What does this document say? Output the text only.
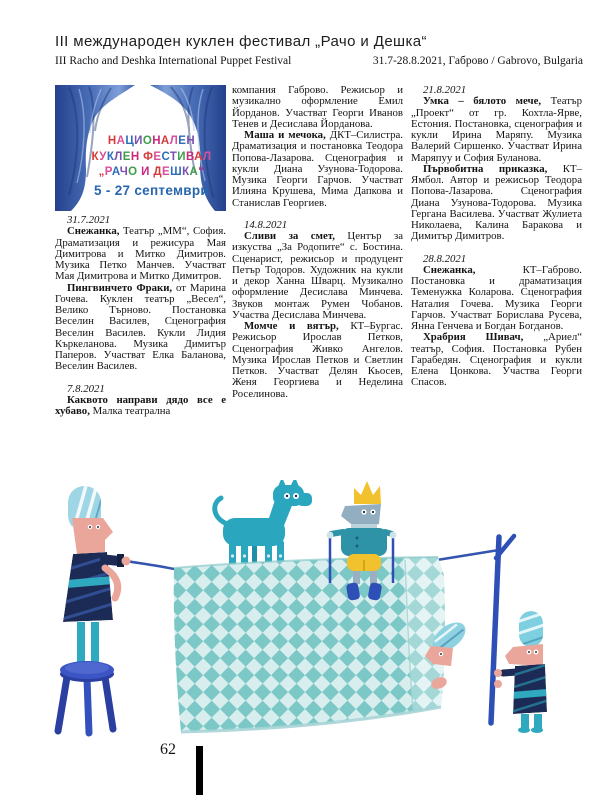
III международен куклен фестивал „Рачо и Дешка“
III Racho and Deshka International Puppet Festival	31.7-28.8.2021, Габрово / Gabrovo, Bulgaria
НАЦИОНАЛЕН
КУКЛЕН ФЕСТИВАЛ
„РАЧО И ДЕШКА“
5 - 27 септември

31.7.2021

Снежанка, Театър „ММ“, София. Драматизация и режисура Мая Димитрова и Митко Димитров. Музика Петко Манчев. Участват Мая Димитрова и Митко Димитров.

Пингвинчето Фраки, от Марина Гочева. Куклен театър „Весел“, Велико Търново. Постановка Веселин Василев, Сценография Веселин Василев. Кукли Лидия Къркеланова. Музика Димитър Паперов. Участват Елка Баланова, Веселин Василев.

7.8.2021

Каквото направи дядо все е хубаво, Малка театрална

компания Габрово. Режисьор и музикално оформление Емил Йорданов. Участват Георги Иванов Тенев и Десислава Йорданова.

Маша и мечока, ДКТ–Силистра. Драматизация и постановка Теодора Попова-Лазарова. Сценография и кукли Диана Узунова-Тодорова. Музика Георги Гарчов. Участват Илияна Крушева, Мима Дапкова и Станислав Георгиев.

14.8.2021

Сливи за смет, Център за изкуства „За Родопите“ с. Бостина. Сценарист, режисьор и продуцент Петър Тодоров. Художник на кукли и декор Ханна Шварц. Музикално оформление Десислава Минчева. Звуков монтаж Румен Чобанов. Участва Десислава Минчева.

Момче и вятър, КТ–Бургас. Режисьор Ирослав Петков, Сценография Живко Ангелов. Музика Ирослав Петков и Светлин Петков. Участват Делян Кьосев, Женя Георгиева и Неделина Роселинова.

21.8.2021

Умка – бялото мече, Театър „Проект“ от гр. Кохтла-Ярве, Естония. Постановка, сценография и кукли Ирина Маряпу. Музика Валерий Сиршенко. Участват Ирина Маряпуу и София Буланова.

Първобитна приказка, КТ–Ямбол. Автор и режисьор Теодора Попова-Лазарова. Сценография Диана Узунова-Тодорова. Музика Гергана Василева. Участват Жулиета Николаева, Калина Баракова и Димитър Димитров.

28.8.2021

Снежанка,	КТ–Габрово. Постановка и драматизация Теменужка Коларова. Сценография Наталия Гочева. Музика Георги Гарчов. Участват Борислава Русева, Янна Генчева и Богдан Богданов.

Храбрия Шивач, „Ариел“ театър, София. Постановка Рубен Гарабедян. Сценография и кукли Елена Цонкова. Участва Георги Спасов.

62
